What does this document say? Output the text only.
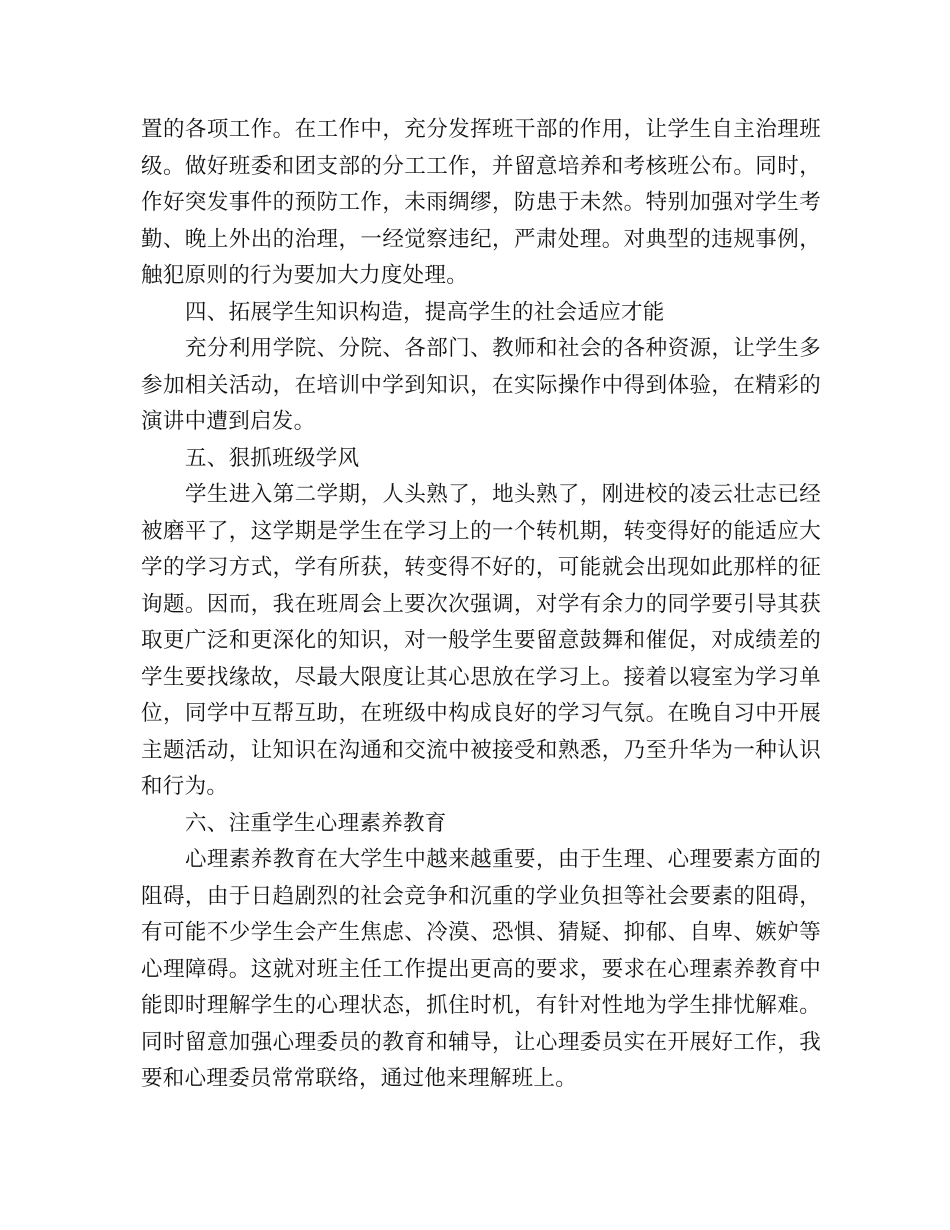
置的各项工作。在工作中，充分发挥班干部的作用，让学生自主治理班级。做好班委和团支部的分工工作，并留意培养和考核班公布。同时，作好突发事件的预防工作，未雨绸缪，防患于未然。特别加强对学生考勤、晚上外出的治理，一经觉察违纪，严肃处理。对典型的违规事例，触犯原则的行为要加大力度处理。

四、拓展学生知识构造，提高学生的社会适应才能

充分利用学院、分院、各部门、教师和社会的各种资源，让学生多参加相关活动，在培训中学到知识，在实际操作中得到体验，在精彩的演讲中遭到启发。

五、狠抓班级学风

学生进入第二学期，人头熟了，地头熟了，刚进校的凌云壮志已经被磨平了，这学期是学生在学习上的一个转机期，转变得好的能适应大学的学习方式，学有所获，转变得不好的，可能就会出现如此那样的征询题。因而，我在班周会上要次次强调，对学有余力的同学要引导其获取更广泛和更深化的知识，对一般学生要留意鼓舞和催促，对成绩差的学生要找缘故，尽最大限度让其心思放在学习上。接着以寝室为学习单位，同学中互帮互助，在班级中构成良好的学习气氛。在晚自习中开展主题活动，让知识在沟通和交流中被接受和熟悉，乃至升华为一种认识和行为。

六、注重学生心理素养教育

心理素养教育在大学生中越来越重要，由于生理、心理要素方面的阻碍，由于日趋剧烈的社会竞争和沉重的学业负担等社会要素的阻碍，有可能不少学生会产生焦虑、冷漠、恐惧、猜疑、抑郁、自卑、嫉妒等心理障碍。这就对班主任工作提出更高的要求，要求在心理素养教育中能即时理解学生的心理状态，抓住时机，有针对性地为学生排忧解难。同时留意加强心理委员的教育和辅导，让心理委员实在开展好工作，我要和心理委员常常联络，通过他来理解班上。
